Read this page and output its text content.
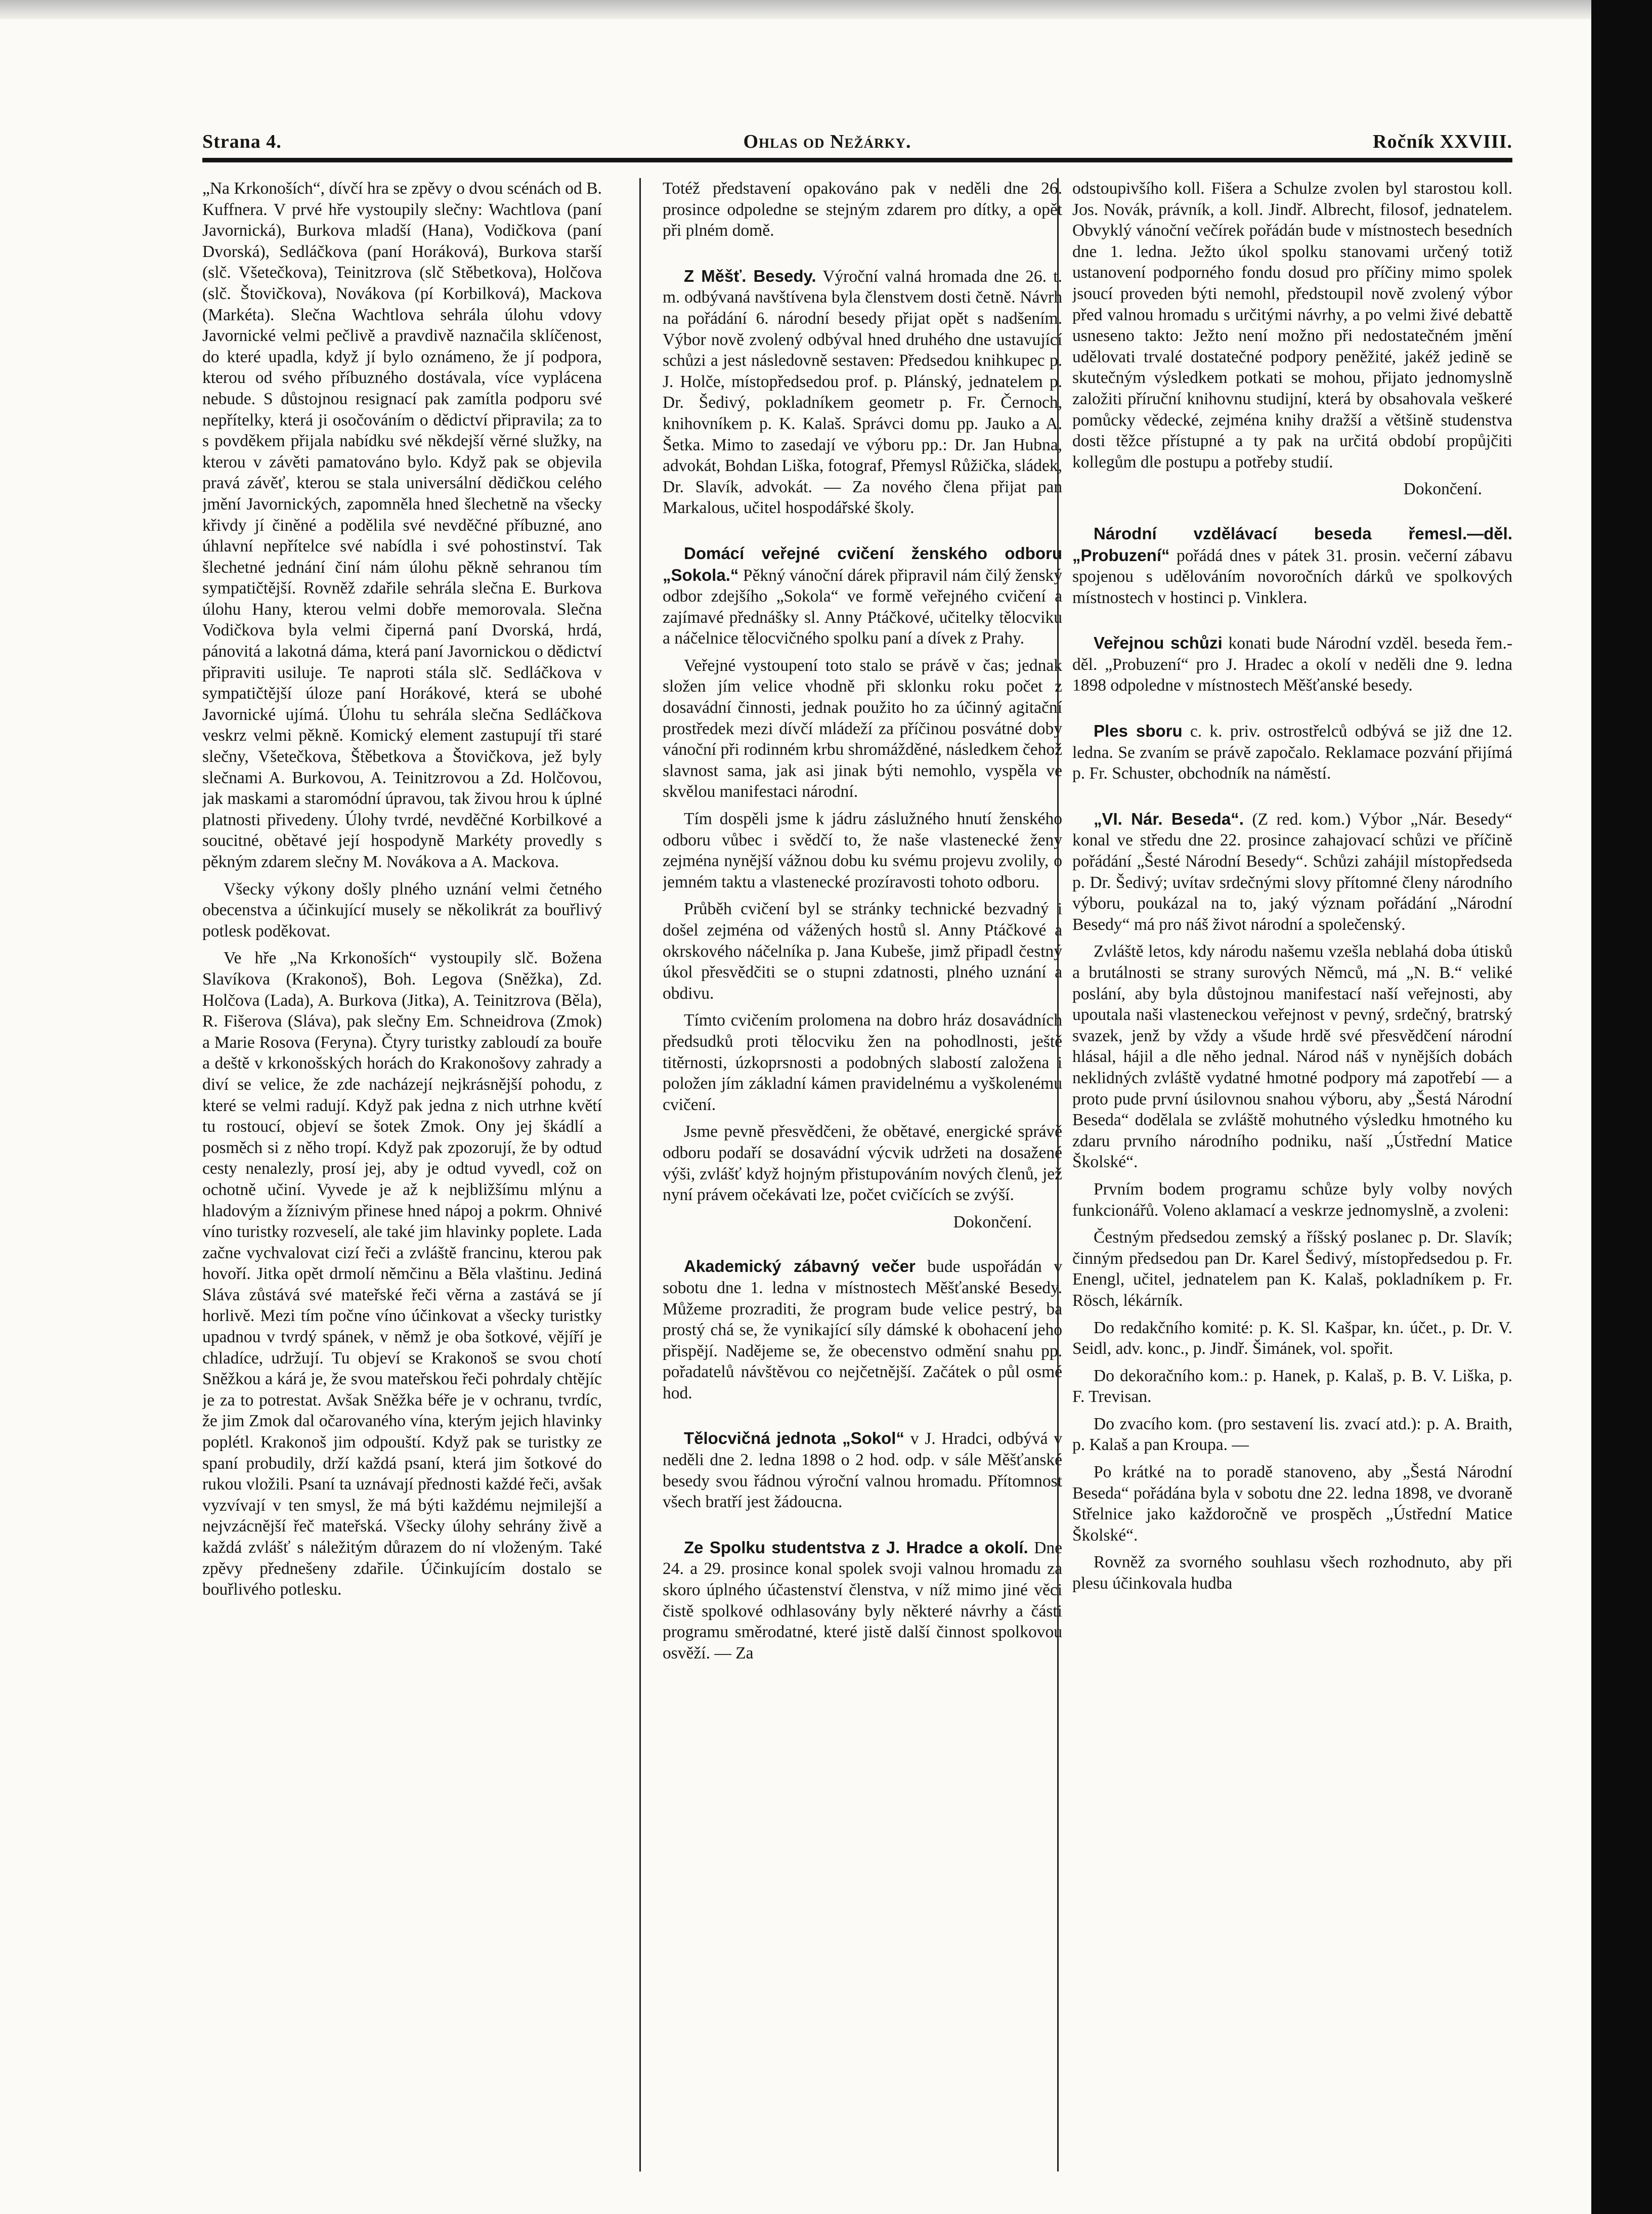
Strana 4.	Ohlas od Nežárky.	Ročník XXVIII.

„Na Krkonoších“, dívčí hra se zpěvy o dvou scénách od B. Kuffnera. V prvé hře vystoupily slečny: Wachtlova (paní Javornická), Burkova mladší (Hana), Vodičkova (paní Dvorská), Sedláčkova (paní Horáková), Burkova starší (slč. Všetečkova), Teinitzrova (slč Stěbetkova), Holčova (slč. Štovičkova), Novákova (pí Korbilková), Mackova (Markéta). Slečna Wachtlova sehrála úlohu vdovy Javornické velmi pečlivě a pravdivě naznačila sklíčenost, do které upadla, když jí bylo oznámeno, že jí podpora, kterou od svého příbuzného dostávala, více vyplácena nebude. S důstojnou resignací pak zamítla podporu své nepřítelky, která ji osočováním o dědictví připravila; za to s povděkem přijala nabídku své někdejší věrné služky, na kterou v závěti pamatováno bylo. Když pak se objevila pravá závěť, kterou se stala universální dědičkou celého jmění Javornických, zapomněla hned šlechetně na všecky křivdy jí činěné a podělila své nevděčné příbuzné, ano úhlavní nepřítelce své nabídla i své pohostinství. Tak šlechetné jednání činí nám úlohu pěkně sehranou tím sympatičtější. Rovněž zdařile sehrála slečna E. Burkova úlohu Hany, kterou velmi dobře memorovala. Slečna Vodičkova byla velmi čiperná paní Dvorská, hrdá, pánovitá a lakotná dáma, která paní Javornickou o dědictví připraviti usiluje. Te naproti stála slč. Sedláčkova v sympatičtější úloze paní Horákové, která se ubohé Javornické ujímá. Úlohu tu sehrála slečna Sedláčkova veskrz velmi pěkně. Komický element zastupují tři staré slečny, Všetečkova, Štěbetkova a Štovičkova, jež byly slečnami A. Burkovou, A. Teinitzrovou a Zd. Holčovou, jak maskami a staromódní úpravou, tak živou hrou k úplné platnosti přivedeny. Úlohy tvrdé, nevděčné Korbilkové a soucitné, obětavé její hospodyně Markéty provedly s pěkným zdarem slečny M. Novákova a A. Mackova.

Všecky výkony došly plného uznání velmi četného obecenstva a účinkující musely se několikrát za bouřlivý potlesk poděkovat.

Ve hře „Na Krkonoších“ vystoupily slč. Božena Slavíkova (Krakonoš), Boh. Legova (Sněžka), Zd. Holčova (Lada), A. Burkova (Jitka), A. Teinitzrova (Běla), R. Fišerova (Sláva), pak slečny Em. Schneidrova (Zmok) a Marie Rosova (Feryna). Čtyry turistky zabloudí za bouře a deště v krkonošských horách do Krakonošovy zahrady a diví se velice, že zde nacházejí nejkrásnější pohodu, z které se velmi radují. Když pak jedna z nich utrhne květí tu rostoucí, objeví se šotek Zmok. Ony jej škádlí a posměch si z něho tropí. Když pak zpozorují, že by odtud cesty nenalezly, prosí jej, aby je odtud vyvedl, což on ochotně učiní. Vyvede je až k nejbližšímu mlýnu a hladovým a žíznivým přinese hned nápoj a pokrm. Ohnivé víno turistky rozveselí, ale také jim hlavinky poplete. Lada začne vychvalovat cizí řeči a zvláště francinu, kterou pak hovoří. Jitka opět drmolí němčinu a Běla vlaštinu. Jediná Sláva zůstává své mateřské řeči věrna a zastává se jí horlivě. Mezi tím počne víno účinkovat a všecky turistky upadnou v tvrdý spánek, v němž je oba šotkové, vějíří je chladíce, udržují. Tu objeví se Krakonoš se svou chotí Sněžkou a kárá je, že svou mateřskou řeči pohrdaly chtějíc je za to potrestat. Avšak Sněžka béře je v ochranu, tvrdíc, že jim Zmok dal očarovaného vína, kterým jejich hlavinky poplétl. Krakonoš jim odpouští. Když pak se turistky ze spaní probudily, drží každá psaní, která jim šotkové do rukou vložili. Psaní ta uznávají přednosti každé řeči, avšak vyzvívají v ten smysl, že má býti každému nejmilejší a nejvzácnější řeč mateřská. Všecky úlohy sehrány živě a každá zvlášť s náležitým důrazem do ní vloženým. Také zpěvy přednešeny zdařile. Účinkujícím dostalo se bouřlivého potlesku.

Totéž představení opakováno pak v neděli dne 26. prosince odpoledne se stejným zdarem pro dítky, a opět při plném domě.

Z Měšť. Besedy. Výroční valná hromada dne 26. t. m. odbývaná navštívena byla členstvem dosti četně. Návrh na pořádání 6. národní besedy přijat opět s nadšením. Výbor nově zvolený odbýval hned druhého dne ustavující schůzi a jest následovně sestaven: Předsedou knihkupec p. J. Holče, místopředsedou prof. p. Plánský, jednatelem p. Dr. Šedivý, pokladníkem geometr p. Fr. Černoch, knihovníkem p. K. Kalaš. Správci domu pp. Jauko a A. Šetka. Mimo to zasedají ve výboru pp.: Dr. Jan Hubna, advokát, Bohdan Liška, fotograf, Přemysl Růžička, sládek, Dr. Slavík, advokát. — Za nového člena přijat pan Markalous, učitel hospodářské školy.

Domácí veřejné cvičení ženského odboru „Sokola.“ Pěkný vánoční dárek připravil nám čilý ženský odbor zdejšího „Sokola“ ve formě veřejného cvičení a zajímavé přednášky sl. Anny Ptáčkové, učitelky tělocviku a náčelnice tělocvičného spolku paní a dívek z Prahy.

Veřejné vystoupení toto stalo se právě v čas; jednak složen jím velice vhodně při sklonku roku počet z dosavádní činnosti, jednak použito ho za účinný agitační prostředek mezi dívčí mládeží za příčinou posvátné doby vánoční při rodinném krbu shromážděné, následkem čehož slavnost sama, jak asi jinak býti nemohlo, vyspěla ve skvělou manifestaci národní.

Tím dospěli jsme k jádru záslužného hnutí ženského odboru vůbec i svědčí to, že naše vlastenecké ženy zejména nynější vážnou dobu ku svému projevu zvolily, o jemném taktu a vlastenecké prozíravosti tohoto odboru.

Průběh cvičení byl se stránky technické bezvadný i došel zejména od vážených hostů sl. Anny Ptáčkové a okrskového náčelníka p. Jana Kubeše, jimž připadl čestný úkol přesvědčiti se o stupni zdatnosti, plného uznání a obdivu.

Tímto cvičením prolomena na dobro hráz dosavádních předsudků proti tělocviku žen na pohodlnosti, ještě titěrnosti, úzkoprsnosti a podobných slabostí založena i položen jím základní kámen pravidelnému a vyškolenému cvičení.

Jsme pevně přesvědčeni, že obětavé, energické správě odboru podaří se dosavádní výcvik udržeti na dosažené výši, zvlášť když hojným přistupováním nových členů, jež nyní právem očekávati lze, počet cvičících se zvýší.

Dokončení.

Akademický zábavný večer bude uspořádán v sobotu dne 1. ledna v místnostech Měšťanské Besedy. Můžeme prozraditi, že program bude velice pestrý, ba prostý chá se, že vynikající síly dámské k obohacení jeho přispějí. Nadějeme se, že obecenstvo odmění snahu pp. pořadatelů návštěvou co nejčetnější. Začátek o půl osmé hod.

Tělocvičná jednota „Sokol“ v J. Hradci, odbývá v neděli dne 2. ledna 1898 o 2 hod. odp. v sále Měšťanské besedy svou řádnou výroční valnou hromadu. Přítomnost všech bratří jest žádoucna.

Ze Spolku studentstva z J. Hradce a okolí. Dne 24. a 29. prosince konal spolek svoji valnou hromadu za skoro úplného účastenství členstva, v níž mimo jiné věci čistě spolkové odhlasovány byly některé návrhy a části programu směrodatné, které jistě další činnost spolkovou osvěží. — Za

odstoupivšího koll. Fišera a Schulze zvolen byl starostou koll. Jos. Novák, právník, a koll. Jindř. Albrecht, filosof, jednatelem. Obvyklý vánoční večírek pořádán bude v místnostech besedních dne 1. ledna. Ježto úkol spolku stanovami určený totiž ustanovení podporného fondu dosud pro příčiny mimo spolek jsoucí proveden býti nemohl, předstoupil nově zvolený výbor před valnou hromadu s určitými návrhy, a po velmi živé debattě usneseno takto: Ježto není možno při nedostatečném jmění udělovati trvalé dostatečné podpory peněžité, jakéž jedině se skutečným výsledkem potkati se mohou, přijato jednomyslně založiti příruční knihovnu studijní, která by obsahovala veškeré pomůcky vědecké, zejména knihy dražší a většině studenstva dosti těžce přístupné a ty pak na určitá období propůjčiti kollegům dle postupu a potřeby studií.

Dokončení.

Národní vzdělávací beseda řemesl.—děl. „Probuzení“ pořádá dnes v pátek 31. prosin. večerní zábavu spojenou s udělováním novoročních dárků ve spolkových místnostech v hostinci p. Vinklera.

Veřejnou schůzi konati bude Národní vzděl. beseda řem.-děl. „Probuzení“ pro J. Hradec a okolí v neděli dne 9. ledna 1898 odpoledne v místnostech Měšťanské besedy.

Ples sboru c. k. priv. ostrostřelců odbývá se již dne 12. ledna. Se zvaním se právě započalo. Reklamace pozvání přijímá p. Fr. Schuster, obchodník na náměstí.

„VI. Nár. Beseda“. (Z red. kom.) Výbor „Nár. Besedy“ konal ve středu dne 22. prosince zahajovací schůzi ve příčině pořádání „Šesté Národní Besedy“. Schůzi zahájil místopředseda p. Dr. Šedivý; uvítav srdečnými slovy přítomné členy národního výboru, poukázal na to, jaký význam pořádání „Národní Besedy“ má pro náš život národní a společenský.

Zvláště letos, kdy národu našemu vzešla neblahá doba útisků a brutálnosti se strany surových Němců, má „N. B.“ veliké poslání, aby byla důstojnou manifestací naší veřejnosti, aby upoutala naši vlasteneckou veřejnost v pevný, srdečný, bratrský svazek, jenž by vždy a všude hrdě své přesvědčení národní hlásal, hájil a dle něho jednal. Národ náš v nynějších dobách neklidných zvláště vydatné hmotné podpory má zapotřebí — a proto pude první úsilovnou snahou výboru, aby „Šestá Národní Beseda“ dodělala se zvláště mohutného výsledku hmotného ku zdaru prvního národního podniku, naší „Ústřední Matice Školské“.

Prvním bodem programu schůze byly volby nových funkcionářů. Voleno aklamací a veskrze jednomyslně, a zvoleni:

Čestným předsedou zemský a říšský poslanec p. Dr. Slavík; činným předsedou pan Dr. Karel Šedivý, místopředsedou p. Fr. Enengl, učitel, jednatelem pan K. Kalaš, pokladníkem p. Fr. Rösch, lékárník.

Do redakčního komité: p. K. Sl. Kašpar, kn. účet., p. Dr. V. Seidl, adv. konc., p. Jindř. Šimánek, vol. spořit.

Do dekoračního kom.: p. Hanek, p. Kalaš, p. B. V. Liška, p. F. Trevisan.

Do zvacího kom. (pro sestavení lis. zvací atd.): p. A. Braith, p. Kalaš a pan Kroupa. —

Po krátké na to poradě stanoveno, aby „Šestá Národní Beseda“ pořádána byla v sobotu dne 22. ledna 1898, ve dvoraně Střelnice jako každoročně ve prospěch „Ústřední Matice Školské“.

Rovněž za svorného souhlasu všech rozhodnuto, aby při plesu účinkovala hudba
